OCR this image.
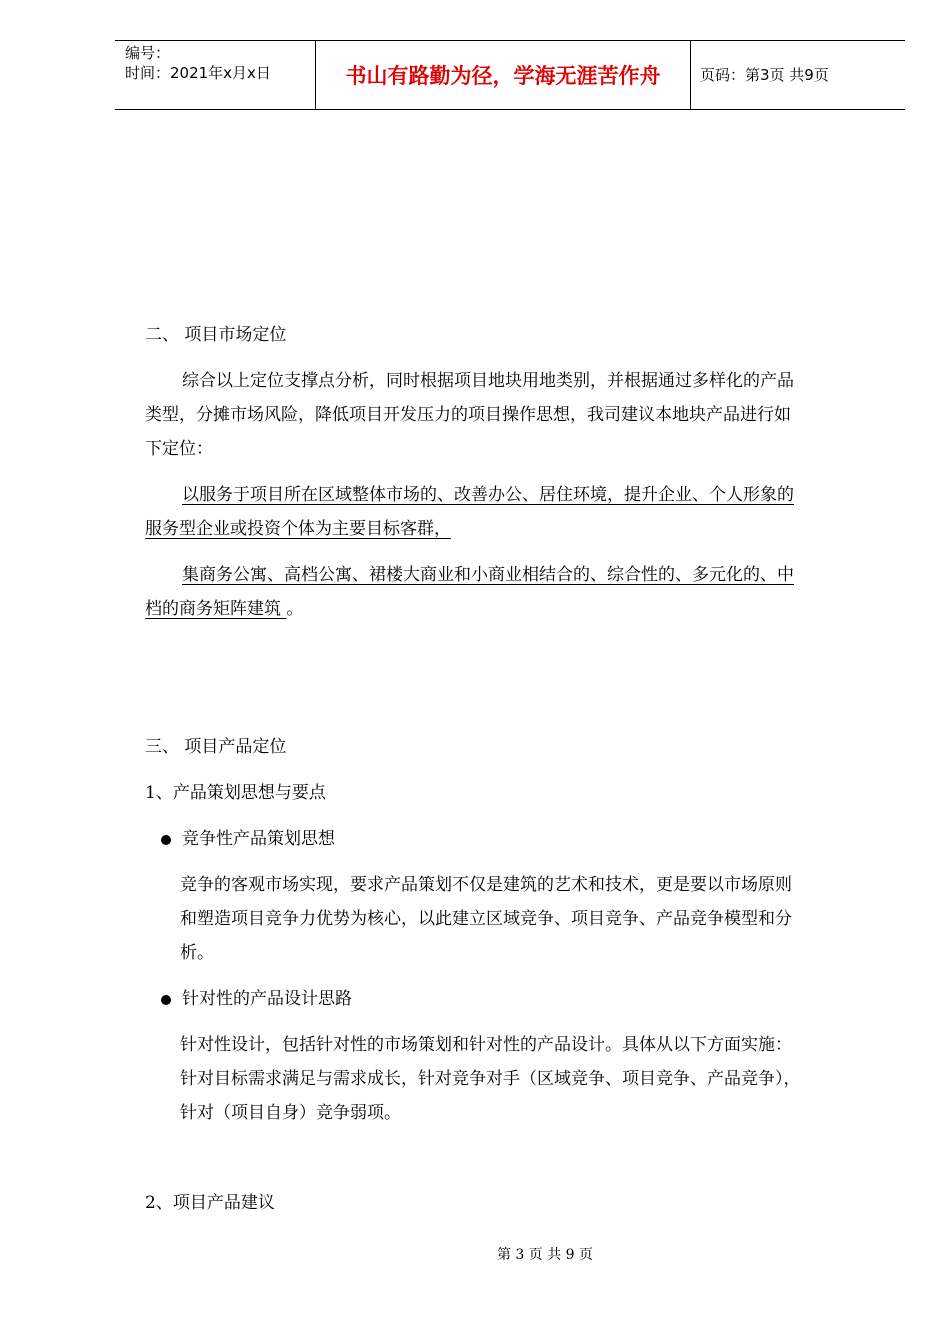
编号：
时间：2021年x月x日	书山有路勤为径，学海无涯苦作舟	页码：第3页 共9页

二、 项目市场定位

综合以上定位支撑点分析，同时根据项目地块用地类别，并根据通过多样化的产品

类型，分摊市场风险，降低项目开发压力的项目操作思想，我司建议本地块产品进行如

下定位：

以服务于项目所在区域整体市场的、改善办公、居住环境，提升企业、个人形象的

服务型企业或投资个体为主要目标客群，

集商务公寓、高档公寓、裙楼大商业和小商业相结合的、综合性的、多元化的、中

档的商务矩阵建筑 。

三、 项目产品定位

1、产品策划思想与要点

竞争性产品策划思想

竞争的客观市场实现，要求产品策划不仅是建筑的艺术和技术，更是要以市场原则

和塑造项目竞争力优势为核心，以此建立区域竞争、项目竞争、产品竞争模型和分

析。

针对性的产品设计思路

针对性设计，包括针对性的市场策划和针对性的产品设计。具体从以下方面实施：

针对目标需求满足与需求成长，针对竞争对手（区域竞争、项目竞争、产品竞争），

针对（项目自身）竞争弱项。

2、项目产品建议

第 3 页 共 9 页
